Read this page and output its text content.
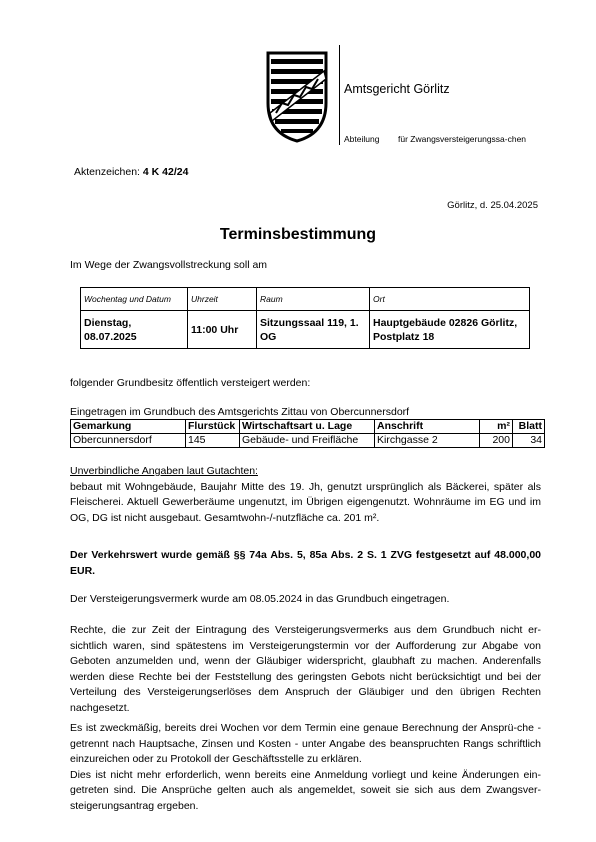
Amtsgericht Görlitz
Abteilung für Zwangsversteigerungssa-chen
Aktenzeichen: 4 K 42/24
Görlitz, d. 25.04.2025
Terminsbestimmung
Im Wege der Zwangsvollstreckung soll am
Wochentag und Datum	Uhrzeit	Raum	Ort
Dienstag, 08.07.2025	11:00 Uhr	Sitzungssaal 119, 1. OG	Hauptgebäude 02826 Görlitz, Postplatz 18
folgender Grundbesitz öffentlich versteigert werden:
Eingetragen im Grundbuch des Amtsgerichts Zittau von Obercunnersdorf
Gemarkung	Flurstück	Wirtschaftsart u. Lage	Anschrift	m²	Blatt
Obercunnersdorf	145	Gebäude- und Freifläche	Kirchgasse 2	200	34
Unverbindliche Angaben laut Gutachten:
bebaut mit Wohngebäude, Baujahr Mitte des 19. Jh, genutzt ursprünglich als Bäckerei, später als Fleischerei. Aktuell Gewerberäume ungenutzt, im Übrigen eigengenutzt. Wohnräume im EG und im OG, DG ist nicht ausgebaut. Gesamtwohn-/-nutzfläche ca. 201 m².
Der Verkehrswert wurde gemäß §§ 74a Abs. 5, 85a Abs. 2 S. 1 ZVG festgesetzt auf 48.000,00 EUR.
Der Versteigerungsvermerk wurde am 08.05.2024 in das Grundbuch eingetragen.
Rechte, die zur Zeit der Eintragung des Versteigerungsvermerks aus dem Grundbuch nicht er-sichtlich waren, sind spätestens im Versteigerungstermin vor der Aufforderung zur Abgabe von Geboten anzumelden und, wenn der Gläubiger widerspricht, glaubhaft zu machen. Anderenfalls werden diese Rechte bei der Feststellung des geringsten Gebots nicht berücksichtigt und bei der Verteilung des Versteigerungserlöses dem Anspruch der Gläubiger und den übrigen Rechten nachgesetzt.
Es ist zweckmäßig, bereits drei Wochen vor dem Termin eine genaue Berechnung der Ansprü-che - getrennt nach Hauptsache, Zinsen und Kosten - unter Angabe des beanspruchten Rangs schriftlich einzureichen oder zu Protokoll der Geschäftsstelle zu erklären.
Dies ist nicht mehr erforderlich, wenn bereits eine Anmeldung vorliegt und keine Änderungen ein-getreten sind. Die Ansprüche gelten auch als angemeldet, soweit sie sich aus dem Zwangsver-steigerungsantrag ergeben.
